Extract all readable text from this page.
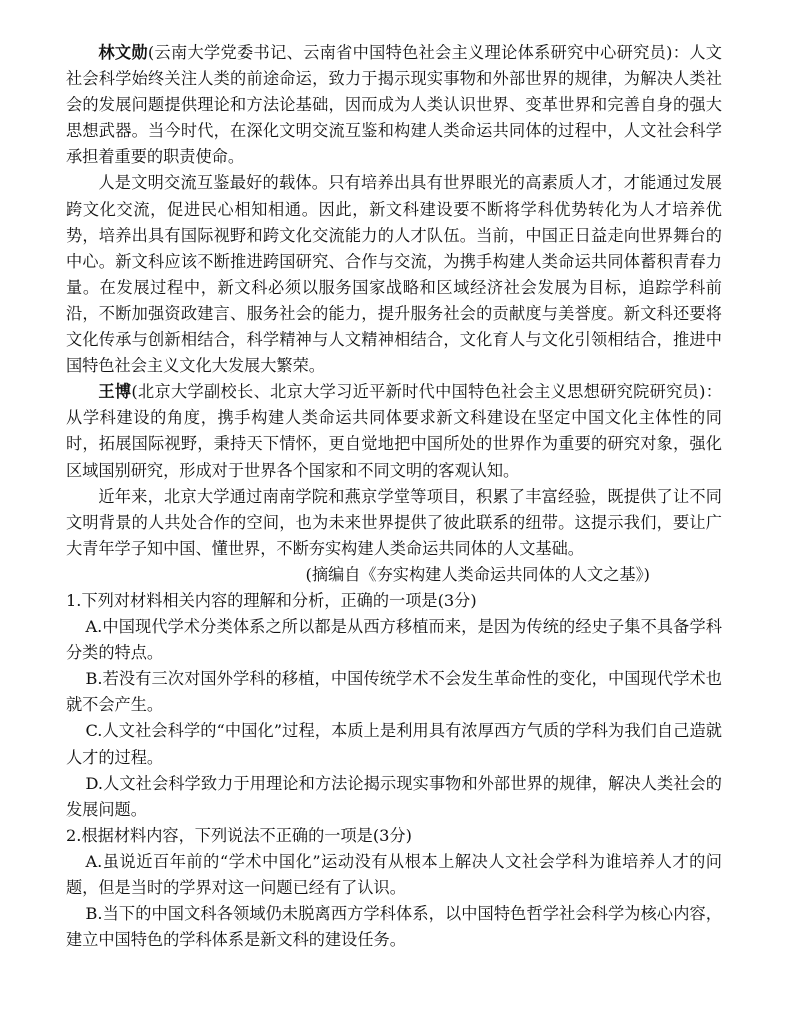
林文勋(云南大学党委书记、云南省中国特色社会主义理论体系研究中心研究员)：人文社会科学始终关注人类的前途命运，致力于揭示现实事物和外部世界的规律，为解决人类社会的发展问题提供理论和方法论基础，因而成为人类认识世界、变革世界和完善自身的强大思想武器。当今时代，在深化文明交流互鉴和构建人类命运共同体的过程中，人文社会科学承担着重要的职责使命。

人是文明交流互鉴最好的载体。只有培养出具有世界眼光的高素质人才，才能通过发展跨文化交流，促进民心相知相通。因此，新文科建设要不断将学科优势转化为人才培养优势，培养出具有国际视野和跨文化交流能力的人才队伍。当前，中国正日益走向世界舞台的中心。新文科应该不断推进跨国研究、合作与交流，为携手构建人类命运共同体蓄积青春力量。在发展过程中，新文科必须以服务国家战略和区域经济社会发展为目标，追踪学科前沿，不断加强资政建言、服务社会的能力，提升服务社会的贡献度与美誉度。新文科还要将文化传承与创新相结合，科学精神与人文精神相结合，文化育人与文化引领相结合，推进中国特色社会主义文化大发展大繁荣。

王博(北京大学副校长、北京大学习近平新时代中国特色社会主义思想研究院研究员)：从学科建设的角度，携手构建人类命运共同体要求新文科建设在坚定中国文化主体性的同时，拓展国际视野，秉持天下情怀，更自觉地把中国所处的世界作为重要的研究对象，强化区域国别研究，形成对于世界各个国家和不同文明的客观认知。

近年来，北京大学通过南南学院和燕京学堂等项目，积累了丰富经验，既提供了让不同文明背景的人共处合作的空间，也为未来世界提供了彼此联系的纽带。这提示我们，要让广大青年学子知中国、懂世界，不断夯实构建人类命运共同体的人文基础。

(摘编自《夯实构建人类命运共同体的人文之基》)

1.下列对材料相关内容的理解和分析，正确的一项是(3分)

A.中国现代学术分类体系之所以都是从西方移植而来，是因为传统的经史子集不具备学科分类的特点。

B.若没有三次对国外学科的移植，中国传统学术不会发生革命性的变化，中国现代学术也就不会产生。

C.人文社会科学的“中国化”过程，本质上是利用具有浓厚西方气质的学科为我们自己造就人才的过程。

D.人文社会科学致力于用理论和方法论揭示现实事物和外部世界的规律，解决人类社会的发展问题。

2.根据材料内容，下列说法不正确的一项是(3分)

A.虽说近百年前的“学术中国化”运动没有从根本上解决人文社会学科为谁培养人才的问题，但是当时的学界对这一问题已经有了认识。

B.当下的中国文科各领域仍未脱离西方学科体系，以中国特色哲学社会科学为核心内容，建立中国特色的学科体系是新文科的建设任务。
